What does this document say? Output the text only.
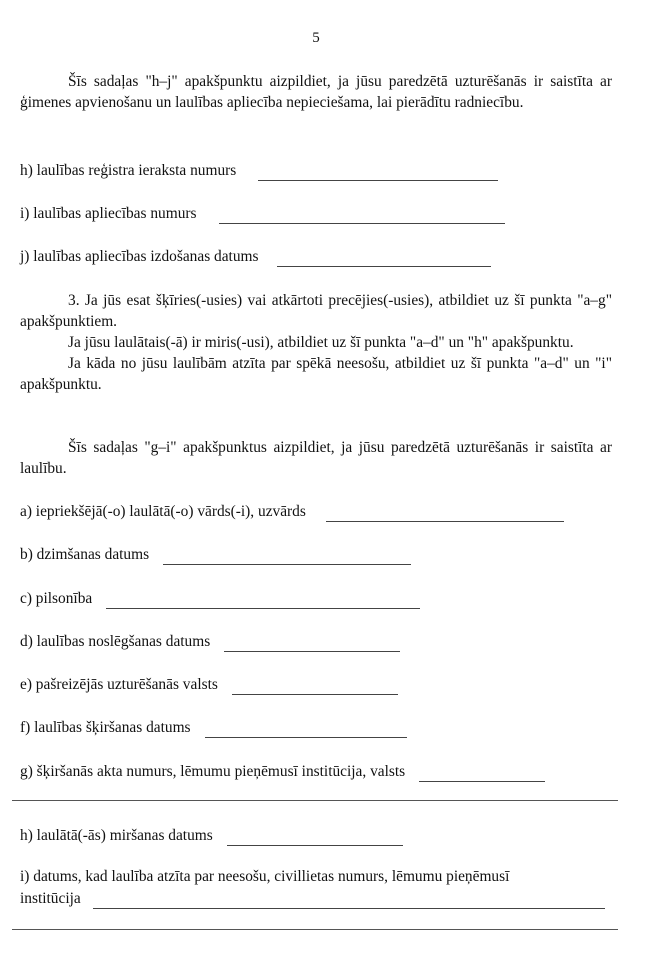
5
Šīs sadaļas "h–j" apakšpunktu aizpildiet, ja jūsu paredzētā uzturēšanās ir saistīta ar ģimenes apvienošanu un laulības apliecība nepieciešama, lai pierādītu radniecību.
h) laulības reģistra ieraksta numurs
i) laulības apliecības numurs
j) laulības apliecības izdošanas datums
3. Ja jūs esat šķīries(-usies) vai atkārtoti precējies(-usies), atbildiet uz šī punkta "a–g" apakšpunktiem.
Ja jūsu laulātais(-ā) ir miris(-usi), atbildiet uz šī punkta "a–d" un "h" apakšpunktu.
Ja kāda no jūsu laulībām atzīta par spēkā neesošu, atbildiet uz šī punkta "a–d" un "i" apakšpunktu.
Šīs sadaļas "g–i" apakšpunktus aizpildiet, ja jūsu paredzētā uzturēšanās ir saistīta ar laulību.
a) iepriekšējā(-o) laulātā(-o) vārds(-i), uzvārds
b) dzimšanas datums
c) pilsonība
d) laulības noslēgšanas datums
e) pašreizējās uzturēšanās valsts
f) laulības šķiršanas datums
g) šķiršanās akta numurs, lēmumu pieņēmusī institūcija, valsts
h) laulātā(-ās) miršanas datums
i) datums, kad laulība atzīta par neesošu, civillietas numurs, lēmumu pieņēmusī
institūcija
